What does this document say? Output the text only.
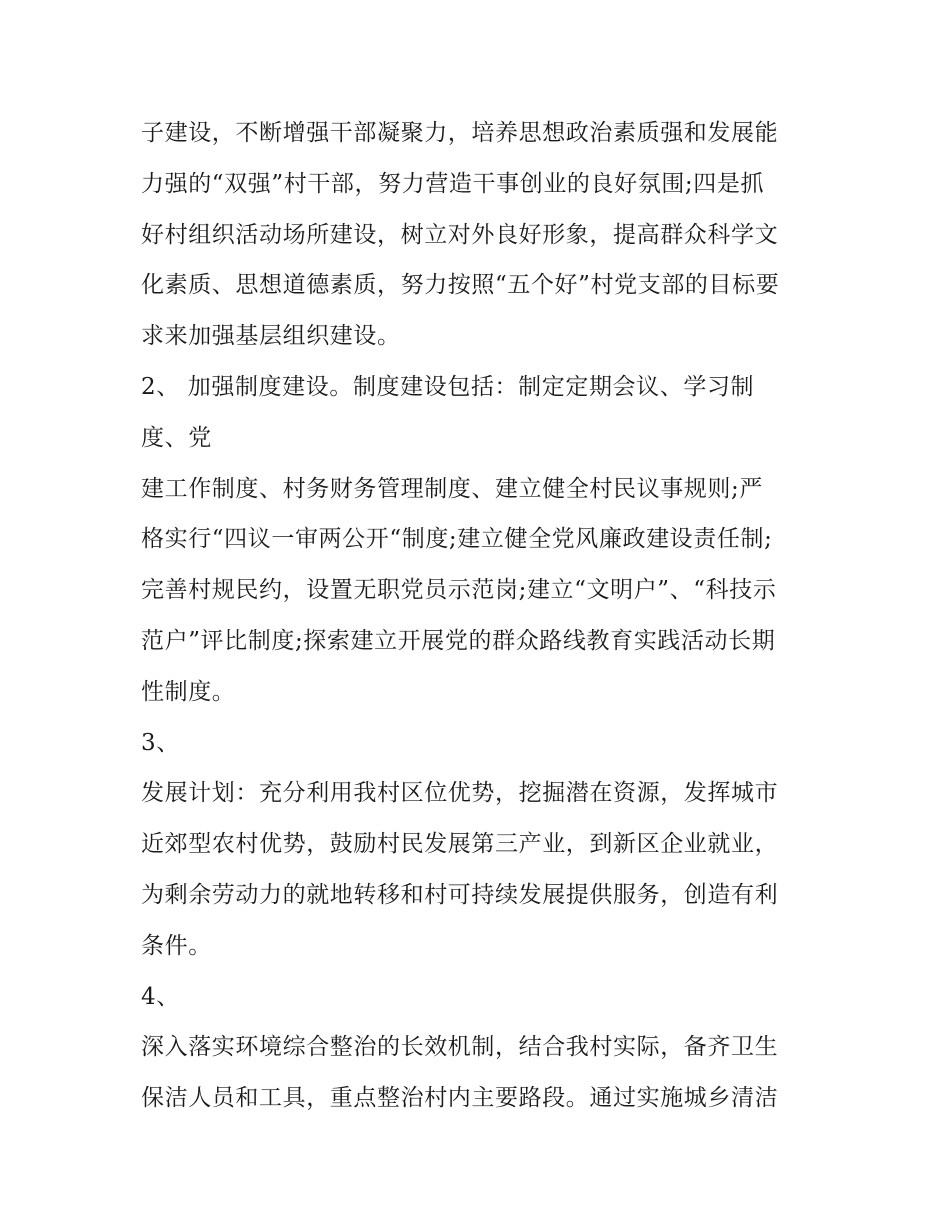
子建设，不断增强干部凝聚力，培养思想政治素质强和发展能
力强的“双强”村干部，努力营造干事创业的良好氛围;四是抓
好村组织活动场所建设，树立对外良好形象，提高群众科学文
化素质、思想道德素质，努力按照“五个好”村党支部的目标要
求来加强基层组织建设。
2、 加强制度建设。制度建设包括：制定定期会议、学习制
度、党
建工作制度、村务财务管理制度、建立健全村民议事规则;严
格实行“四议一审两公开“制度;建立健全党风廉政建设责任制;
完善村规民约，设置无职党员示范岗;建立“文明户”、“科技示
范户”评比制度;探索建立开展党的群众路线教育实践活动长期
性制度。
3、
发展计划：充分利用我村区位优势，挖掘潜在资源，发挥城市
近郊型农村优势，鼓励村民发展第三产业，到新区企业就业，
为剩余劳动力的就地转移和村可持续发展提供服务，创造有利
条件。
4、
深入落实环境综合整治的长效机制，结合我村实际，备齐卫生
保洁人员和工具，重点整治村内主要路段。通过实施城乡清洁
